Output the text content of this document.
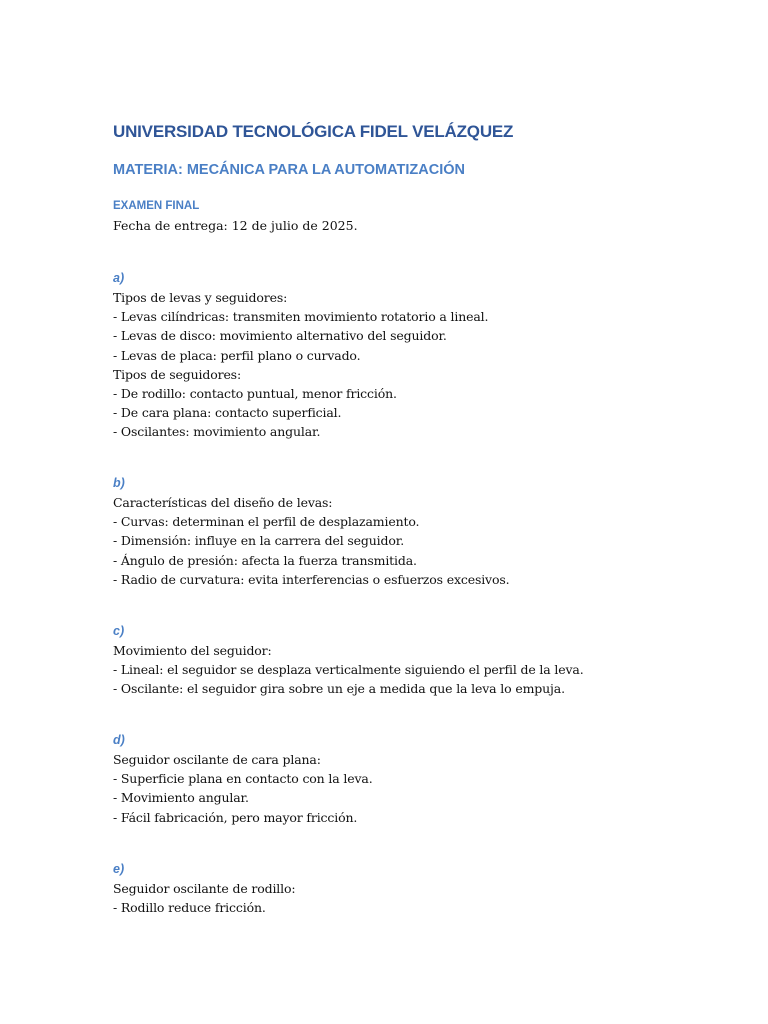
UNIVERSIDAD TECNOLÓGICA FIDEL VELÁZQUEZ
MATERIA: MECÁNICA PARA LA AUTOMATIZACIÓN
EXAMEN FINAL
Fecha de entrega: 12 de julio de 2025.
a)
Tipos de levas y seguidores:
- Levas cilíndricas: transmiten movimiento rotatorio a lineal.
- Levas de disco: movimiento alternativo del seguidor.
- Levas de placa: perfil plano o curvado.
Tipos de seguidores:
- De rodillo: contacto puntual, menor fricción.
- De cara plana: contacto superficial.
- Oscilantes: movimiento angular.
b)
Características del diseño de levas:
- Curvas: determinan el perfil de desplazamiento.
- Dimensión: influye en la carrera del seguidor.
- Ángulo de presión: afecta la fuerza transmitida.
- Radio de curvatura: evita interferencias o esfuerzos excesivos.
c)
Movimiento del seguidor:
- Lineal: el seguidor se desplaza verticalmente siguiendo el perfil de la leva.
- Oscilante: el seguidor gira sobre un eje a medida que la leva lo empuja.
d)
Seguidor oscilante de cara plana:
- Superficie plana en contacto con la leva.
- Movimiento angular.
- Fácil fabricación, pero mayor fricción.
e)
Seguidor oscilante de rodillo:
- Rodillo reduce fricción.
